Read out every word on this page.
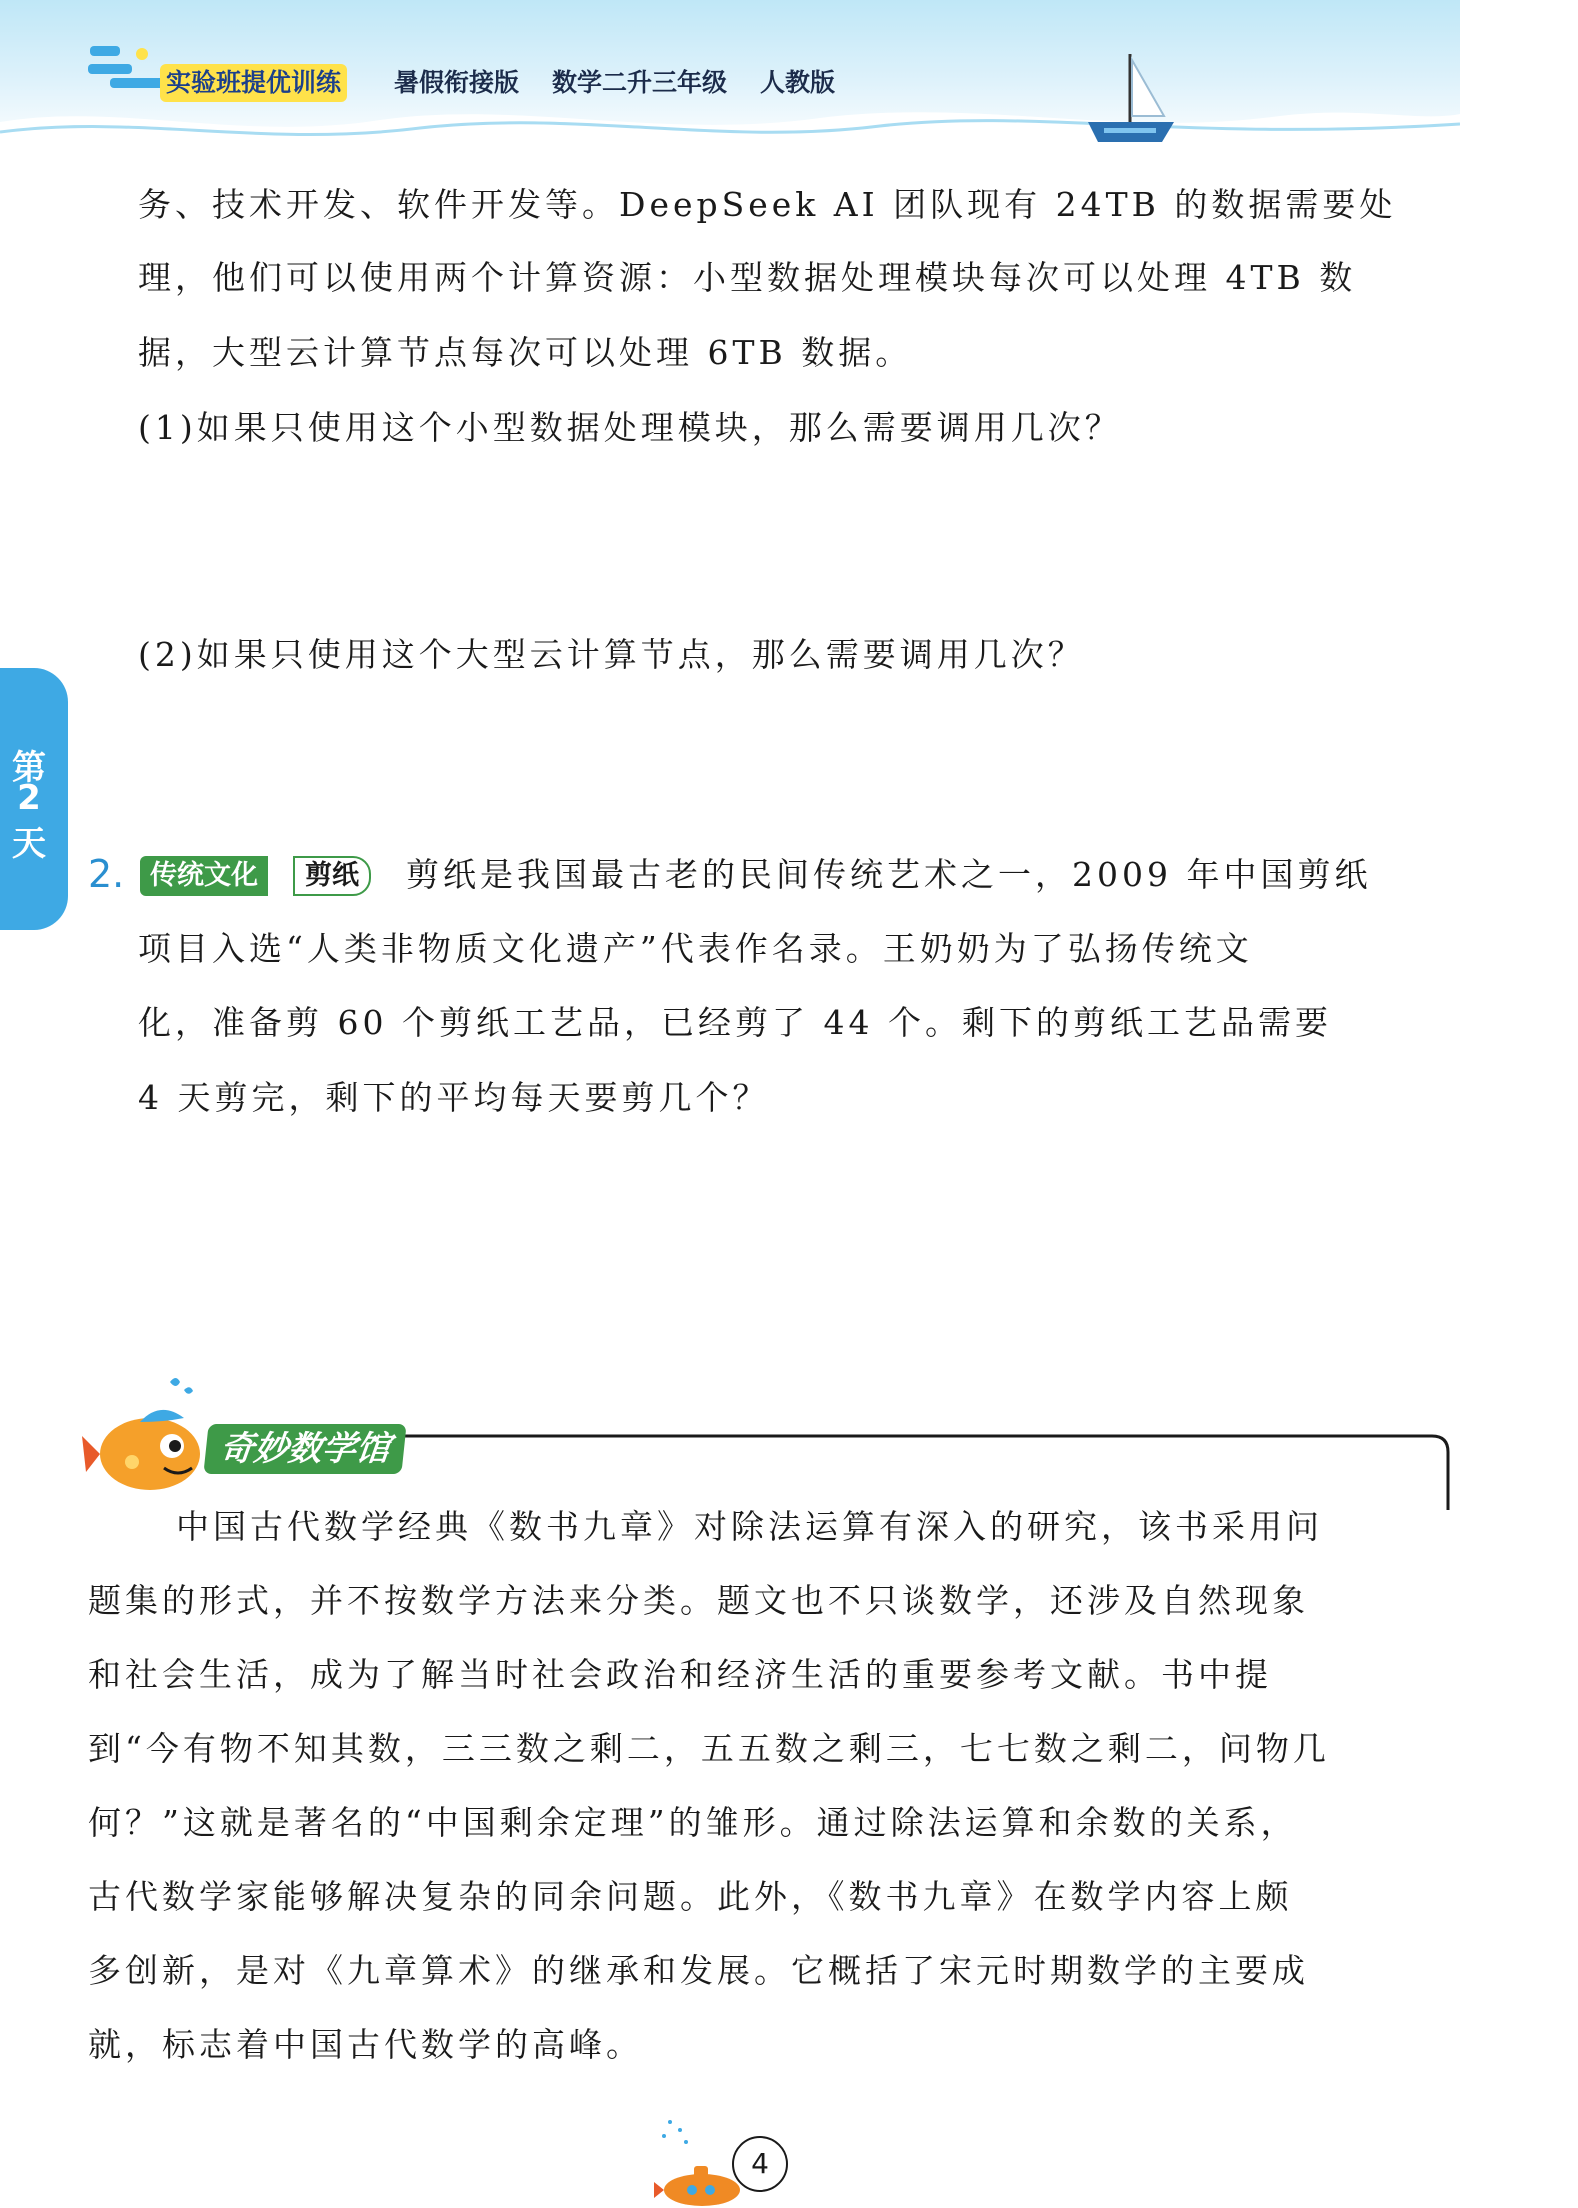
实验班提优训练 暑假衔接版 数学二升三年级 人教版
第
2
天
务、技术开发、软件开发等。DeepSeek AI 团队现有 24TB 的数据需要处
理，他们可以使用两个计算资源：小型数据处理模块每次可以处理 4TB 数
据，大型云计算节点每次可以处理 6TB 数据。
(1)如果只使用这个小型数据处理模块，那么需要调用几次？
(2)如果只使用这个大型云计算节点，那么需要调用几次？
2. 传统文化	剪纸	剪纸是我国最古老的民间传统艺术之一，2009 年中国剪纸
项目入选“人类非物质文化遗产”代表作名录。王奶奶为了弘扬传统文
化，准备剪 60 个剪纸工艺品，已经剪了 44 个。剩下的剪纸工艺品需要
4 天剪完，剩下的平均每天要剪几个？
奇妙数学馆
中国古代数学经典《数书九章》对除法运算有深入的研究，该书采用问
题集的形式，并不按数学方法来分类。题文也不只谈数学，还涉及自然现象
和社会生活，成为了解当时社会政治和经济生活的重要参考文献。书中提
到“今有物不知其数，三三数之剩二，五五数之剩三，七七数之剩二，问物几
何？”这就是著名的“中国剩余定理”的雏形。通过除法运算和余数的关系，
古代数学家能够解决复杂的同余问题。此外，《数书九章》在数学内容上颇
多创新，是对《九章算术》的继承和发展。它概括了宋元时期数学的主要成
就，标志着中国古代数学的高峰。
4
